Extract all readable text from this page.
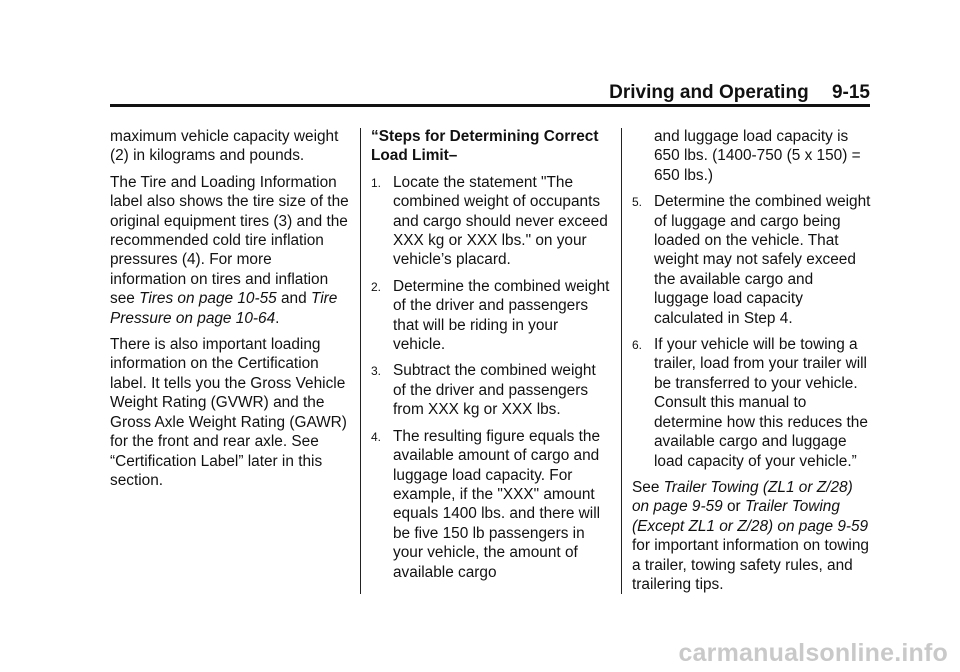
Driving and Operating 9-15

maximum vehicle capacity weight (2) in kilograms and pounds.

The Tire and Loading Information label also shows the tire size of the original equipment tires (3) and the recommended cold tire inflation pressures (4). For more information on tires and inflation see Tires on page 10-55 and Tire Pressure on page 10-64.

There is also important loading information on the Certification label. It tells you the Gross Vehicle Weight Rating (GVWR) and the Gross Axle Weight Rating (GAWR) for the front and rear axle. See “Certification Label” later in this section.

“Steps for Determining Correct Load Limit–

1. Locate the statement "The combined weight of occupants and cargo should never exceed XXX kg or XXX lbs." on your vehicle’s placard.
2. Determine the combined weight of the driver and passengers that will be riding in your vehicle.
3. Subtract the combined weight of the driver and passengers from XXX kg or XXX lbs.
4. The resulting figure equals the available amount of cargo and luggage load capacity. For example, if the "XXX" amount equals 1400 lbs. and there will be five 150 lb passengers in your vehicle, the amount of available cargo
and luggage load capacity is 650 lbs. (1400-750 (5 x 150) = 650 lbs.)
5. Determine the combined weight of luggage and cargo being loaded on the vehicle. That weight may not safely exceed the available cargo and luggage load capacity calculated in Step 4.
6. If your vehicle will be towing a trailer, load from your trailer will be transferred to your vehicle. Consult this manual to determine how this reduces the available cargo and luggage load capacity of your vehicle.”

See Trailer Towing (ZL1 or Z/28) on page 9-59 or Trailer Towing (Except ZL1 or Z/28) on page 9-59 for important information on towing a trailer, towing safety rules, and trailering tips.

carmanualsonline.info
